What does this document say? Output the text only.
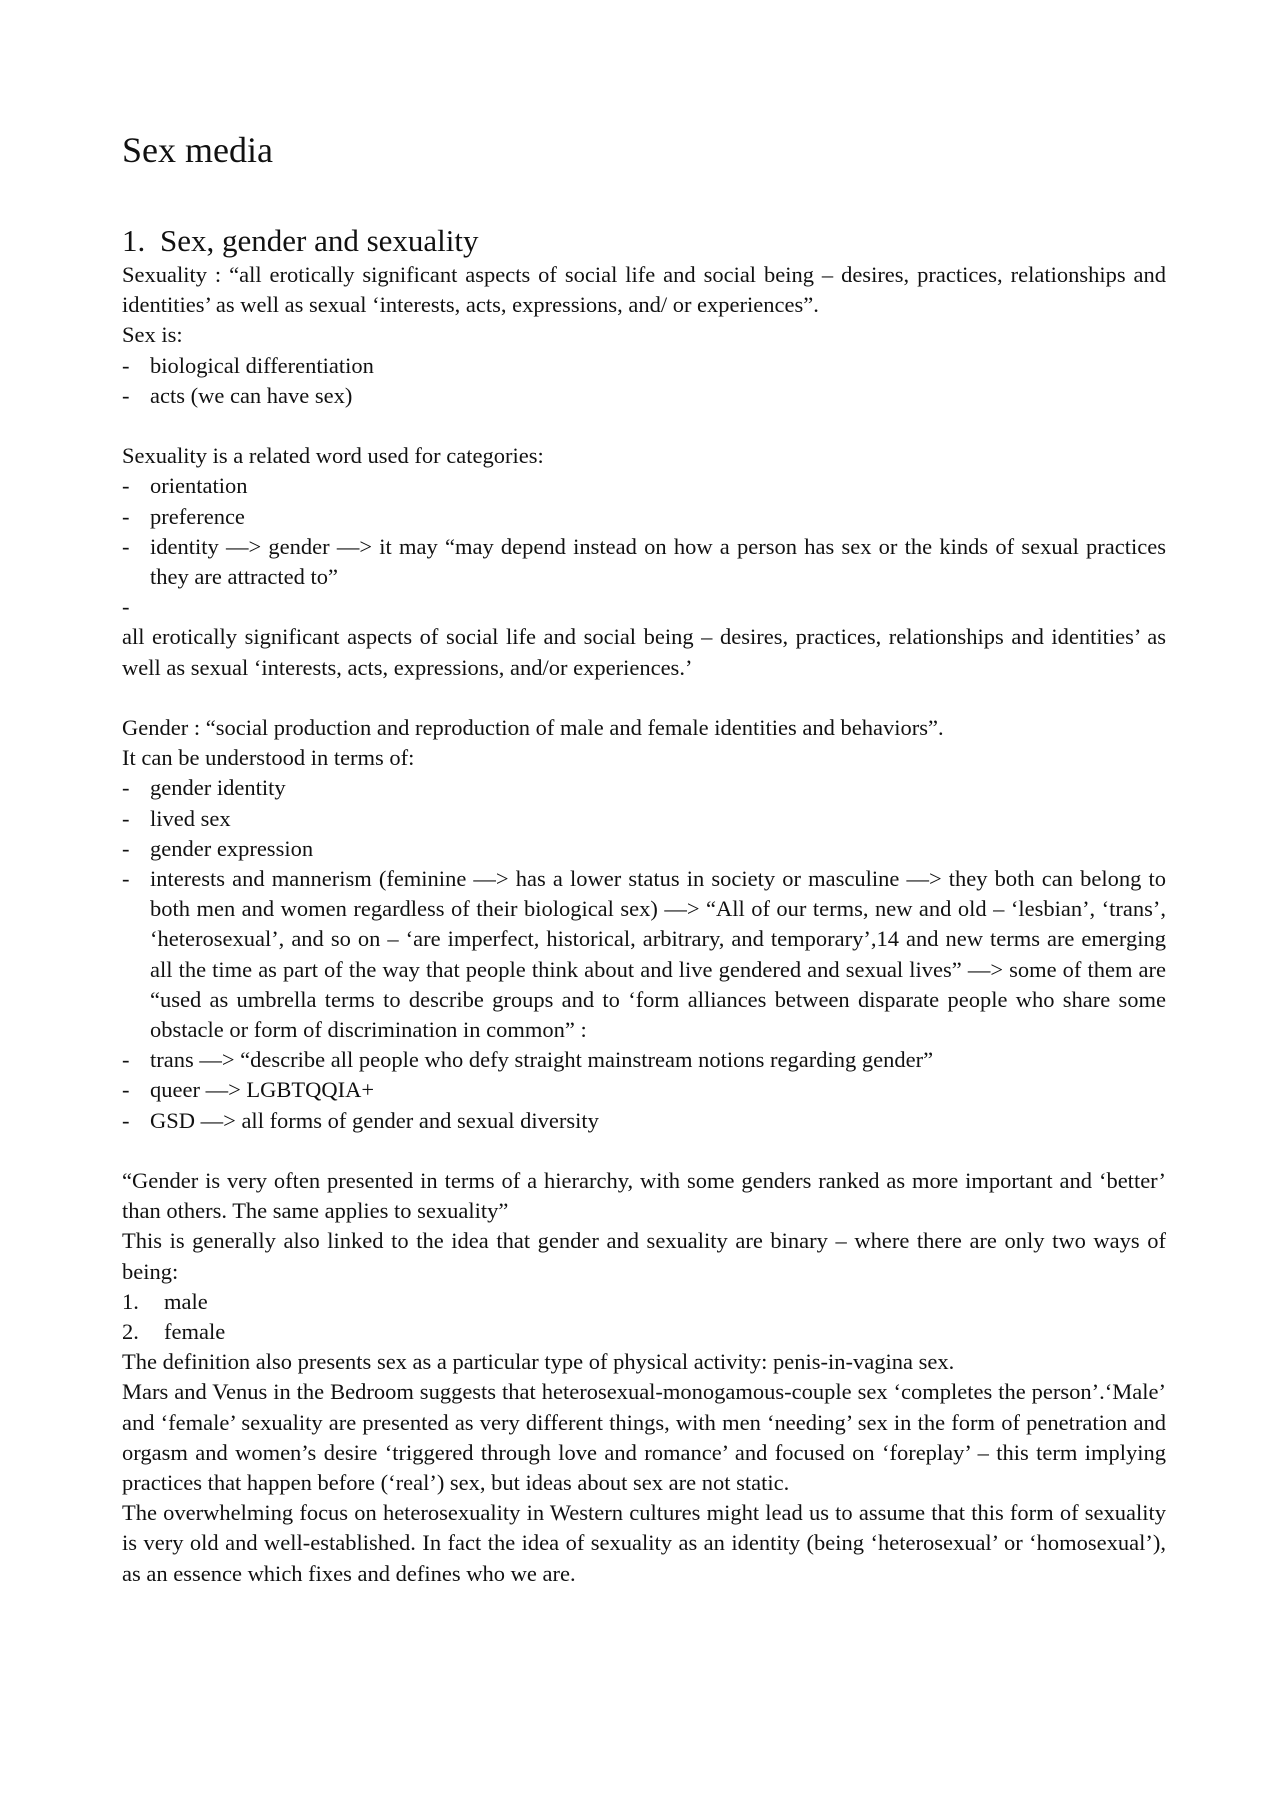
Sex media
1. Sex, gender and sexuality

Sexuality : “all erotically significant aspects of social life and social being – desires, practices, relationships and identities’ as well as sexual ‘interests, acts, expressions, and/ or experiences”.

Sex is:

- biological differentiation
- acts (we can have sex)

Sexuality is a related word used for categories:

- orientation
- preference
- identity —> gender —> it may “may depend instead on how a person has sex or the kinds of sexual practices they are attracted to”
-

all erotically significant aspects of social life and social being – desires, practices, relationships and identities’ as well as sexual ‘interests, acts, expressions, and/or experiences.’

Gender : “social production and reproduction of male and female identities and behaviors”.

It can be understood in terms of:

- gender identity
- lived sex
- gender expression
- interests and mannerism (feminine —> has a lower status in society or masculine —> they both can belong to both men and women regardless of their biological sex) —> “All of our terms, new and old – ‘lesbian’, ‘trans’, ‘heterosexual’, and so on – ‘are imperfect, historical, arbitrary, and temporary’,14 and new terms are emerging all the time as part of the way that people think about and live gendered and sexual lives” —> some of them are “used as umbrella terms to describe groups and to ‘form alliances between disparate people who share some obstacle or form of discrimination in common” :
- trans —> “describe all people who defy straight mainstream notions regarding gender”
- queer —> LGBTQQIA+
- GSD —> all forms of gender and sexual diversity

“Gender is very often presented in terms of a hierarchy, with some genders ranked as more important and ‘better’ than others. The same applies to sexuality”

This is generally also linked to the idea that gender and sexuality are binary – where there are only two ways of being:

1. male
2. female

The definition also presents sex as a particular type of physical activity: penis-in-vagina sex.

Mars and Venus in the Bedroom suggests that heterosexual-monogamous-couple sex ‘completes the person’.‘Male’ and ‘female’ sexuality are presented as very different things, with men ‘needing’ sex in the form of penetration and orgasm and women’s desire ‘triggered through love and romance’ and focused on ‘foreplay’ – this term implying practices that happen before (‘real’) sex, but ideas about sex are not static.

The overwhelming focus on heterosexuality in Western cultures might lead us to assume that this form of sexuality is very old and well-established. In fact the idea of sexuality as an identity (being ‘heterosexual’ or ‘homosexual’), as an essence which fixes and defines who we are.
